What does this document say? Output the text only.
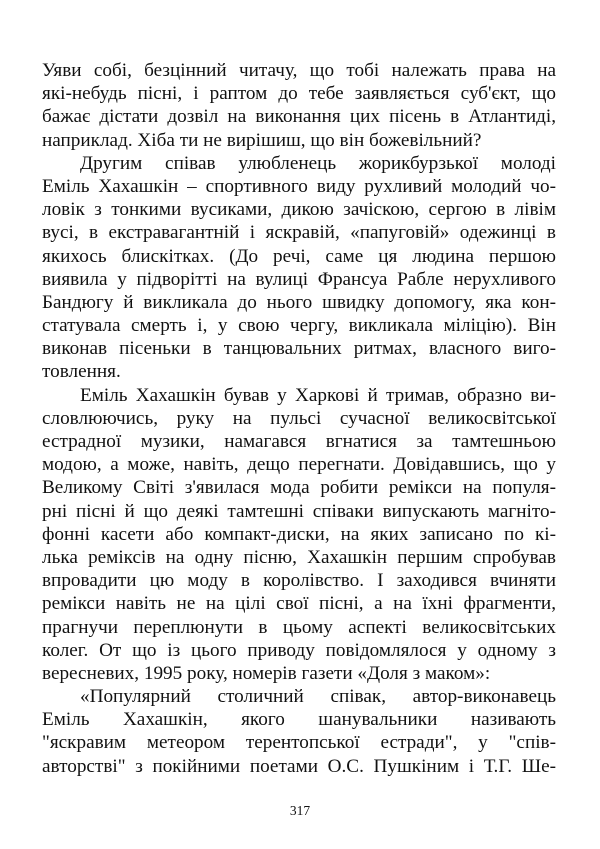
Уяви собі, безцінний читачу, що тобі належать права на
які-небудь пісні, і раптом до тебе заявляється суб'єкт, що
бажає дістати дозвіл на виконання цих пісень в Атлантиді,
наприклад. Хіба ти не вирішиш, що він божевільний?
Другим співав улюбленець жорикбурзької молоді
Еміль Хахашкін – спортивного виду рухливий молодий чо-
ловік з тонкими вусиками, дикою зачіскою, сергою в лівім
вусі, в екстравагантній і яскравій, «папуговій» одежинці в
якихось блискітках. (До речі, саме ця людина першою
виявила у підворітті на вулиці Франсуа Рабле нерухливого
Бандюгу й викликала до нього швидку допомогу, яка кон-
статувала смерть і, у свою чергу, викликала міліцію). Він
виконав пісеньки в танцювальних ритмах, власного виго-
товлення.
Еміль Хахашкін бував у Харкові й тримав, образно ви-
словлюючись, руку на пульсі сучасної великосвітської
естрадної музики, намагався вгнатися за тамтешньою
модою, а може, навіть, дещо перегнати. Довідавшись, що у
Великому Світі з'явилася мода робити ремікси на популя-
рні пісні й що деякі тамтешні співаки випускають магніто-
фонні касети або компакт-диски, на яких записано по кі-
лька реміксів на одну пісню, Хахашкін першим спробував
впровадити цю моду в королівство. І заходився вчиняти
ремікси навіть не на цілі свої пісні, а на їхні фрагменти,
прагнучи переплюнути в цьому аспекті великосвітських
колег. От що із цього приводу повідомлялося у одному з
вересневих, 1995 року, номерів газети «Доля з маком»:
«Популярний столичний співак, автор-виконавець
Еміль Хахашкін, якого шанувальники називають
"яскравим метеором терентопської естради", у "спів-
авторстві" з покійними поетами О.С. Пушкіним і Т.Г. Ше-
317
